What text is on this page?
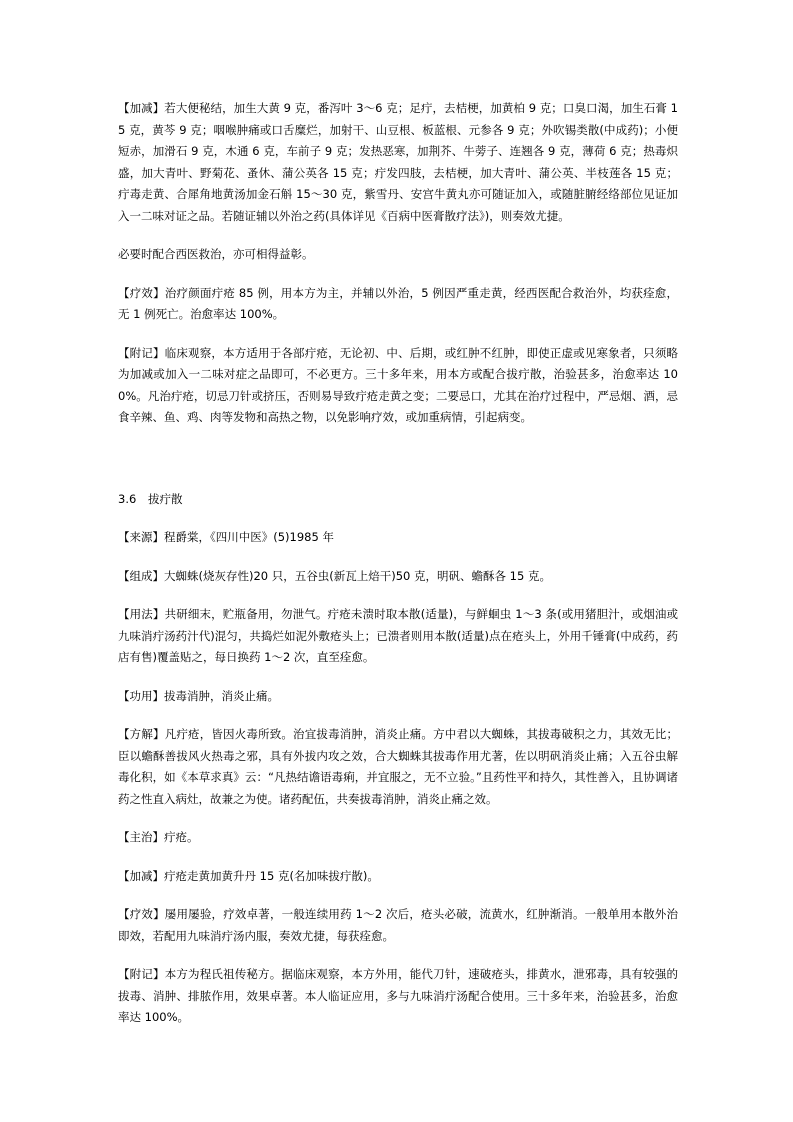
【加减】若大便秘结，加生大黄 9 克，番泻叶 3～6 克；足疔，去桔梗，加黄柏 9 克；口臭口渴，加生石膏 15 克，黄芩 9 克；咽喉肿痛或口舌糜烂，加射干、山豆根、板蓝根、元参各 9 克；外吹锡类散(中成药)；小便短赤，加滑石 9 克，木通 6 克，车前子 9 克；发热恶寒，加荆芥、牛蒡子、连翘各 9 克，薄荷 6 克；热毒炽盛，加大青叶、野菊花、蚤休、蒲公英各 15 克；疔发四肢，去桔梗，加大青叶、蒲公英、半枝莲各 15 克；疔毒走黄、合犀角地黄汤加金石斛 15～30 克，紫雪丹、安宫牛黄丸亦可随证加入，或随脏腑经络部位见证加入一二味对证之品。若随证辅以外治之药(具体详见《百病中医膏散疗法》)，则奏效尤捷。

必要时配合西医救治，亦可相得益彰。

【疗效】治疗颜面疔疮 85 例，用本方为主，并辅以外治，5 例因严重走黄，经西医配合救治外，均获痊愈，无 1 例死亡。治愈率达 100%。

【附记】临床观察，本方适用于各部疔疮，无论初、中、后期，或红肿不红肿，即使正虚或见寒象者，只须略为加减或加入一二味对症之品即可，不必更方。三十多年来，用本方或配合拔疔散，治验甚多，治愈率达 100%。凡治疔疮，切忌刀针或挤压，否则易导致疔疮走黄之变；二要忌口，尤其在治疗过程中，严忌烟、酒，忌食辛辣、鱼、鸡、肉等发物和高热之物，以免影响疗效，或加重病情，引起病变。

3.6 拔疔散

【来源】程爵棠，《四川中医》(5)1985 年

【组成】大蜘蛛(烧灰存性)20 只，五谷虫(新瓦上焙干)50 克，明矾、蟾酥各 15 克。

【用法】共研细末，贮瓶备用，勿泄气。疔疮未溃时取本散(适量)，与鲜蛔虫 1～3 条(或用猪胆汁，或烟油或九味消疔汤药汁代)混匀，共捣烂如泥外敷疮头上；已溃者则用本散(适量)点在疮头上，外用千锤膏(中成药，药店有售)覆盖贴之，每日换药 1～2 次，直至痊愈。

【功用】拔毒消肿，消炎止痛。

【方解】凡疔疮，皆因火毒所致。治宜拔毒消肿，消炎止痛。方中君以大蜘蛛，其拔毒破积之力，其效无比；臣以蟾酥善拔风火热毒之邪，具有外拔内攻之效，合大蜘蛛其拔毒作用尤著，佐以明矾消炎止痛；入五谷虫解毒化积，如《本草求真》云：“凡热结谵语毒痢，并宜服之，无不立验。”且药性平和持久，其性善入，且协调诸药之性直入病灶，故兼之为使。诸药配伍，共奏拔毒消肿，消炎止痛之效。

【主治】疔疮。

【加减】疔疮走黄加黄升丹 15 克(名加味拔疔散)。

【疗效】屡用屡验，疗效卓著，一般连续用药 1～2 次后，疮头必破，流黄水，红肿渐消。一般单用本散外治即效，若配用九味消疔汤内服，奏效尤捷，每获痊愈。

【附记】本方为程氏祖传秘方。据临床观察，本方外用，能代刀针，速破疮头，排黄水，泄邪毒，具有较强的拔毒、消肿、排脓作用，效果卓著。本人临证应用，多与九味消疔汤配合使用。三十多年来，治验甚多，治愈率达 100%。
